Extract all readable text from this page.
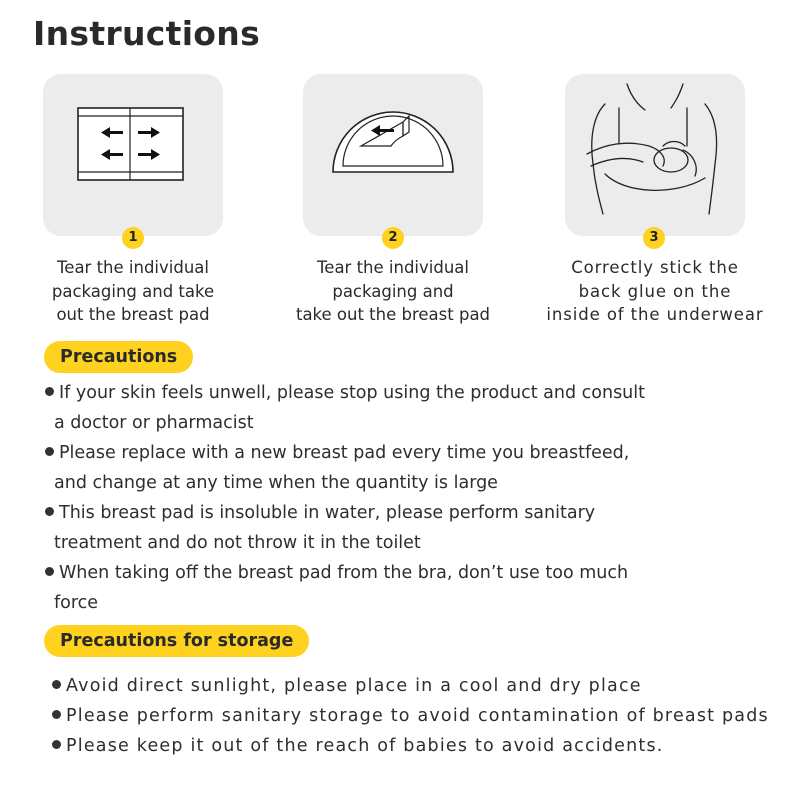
Instructions
1
Tear the individual
packaging and take
out the breast pad
2
Tear the individual
packaging and
take out the breast pad
3
Correctly stick the
back glue on the
inside of the underwear
Precautions
If your skin feels unwell, please stop using the product and consult
a doctor or pharmacist
Please replace with a new breast pad every time you breastfeed,
and change at any time when the quantity is large
This breast pad is insoluble in water, please perform sanitary
treatment and do not throw it in the toilet
When taking off the breast pad from the bra, don’t use too much
force
Precautions for storage
Avoid direct sunlight, please place in a cool and dry place
Please perform sanitary storage to avoid contamination of breast pads
Please keep it out of the reach of babies to avoid accidents.
